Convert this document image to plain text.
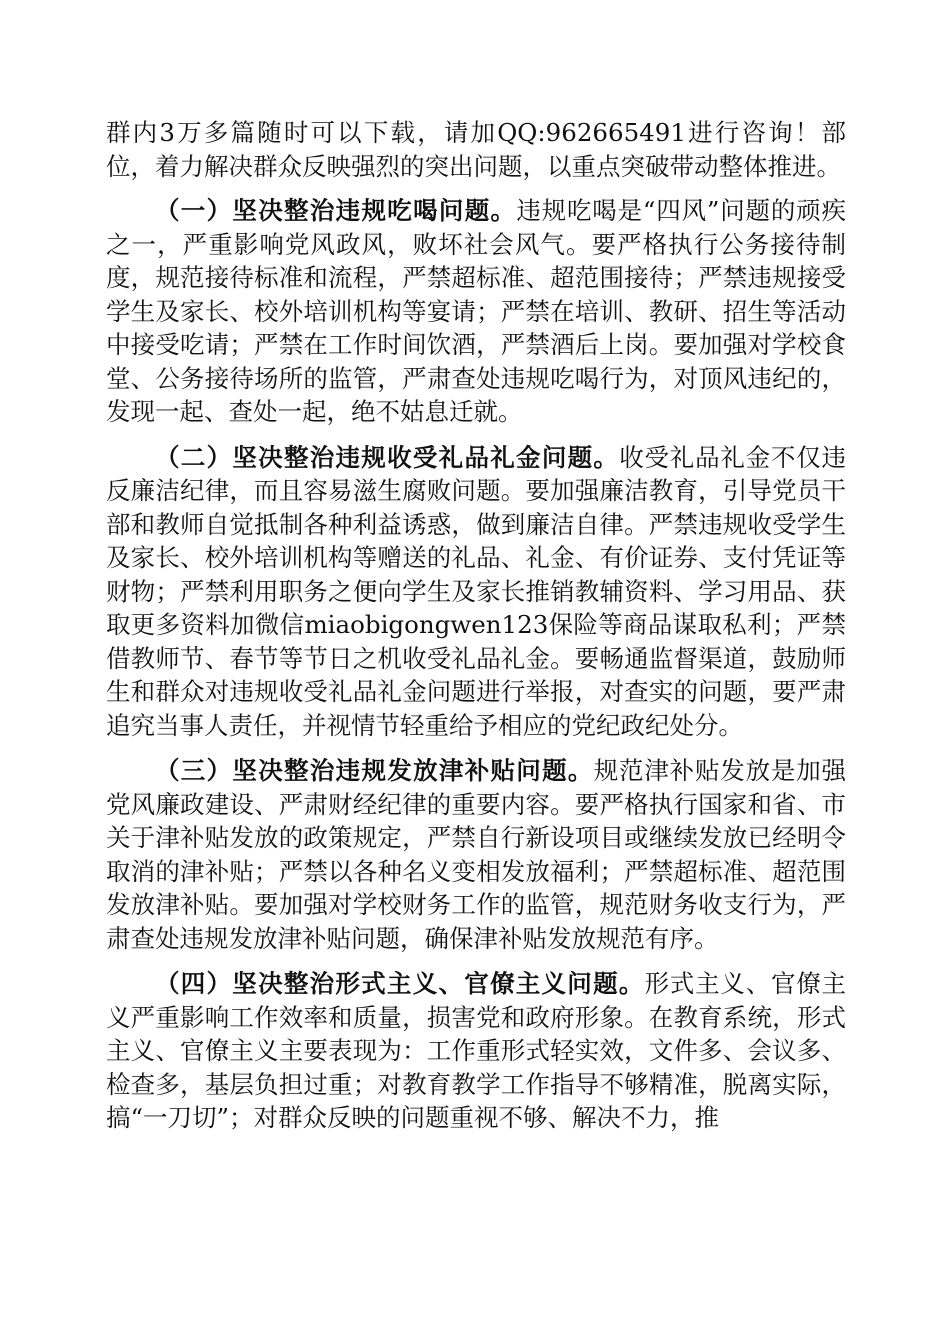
群内3万多篇随时可以下载，请加QQ:962665491进行咨询！部位，着力解决群众反映强烈的突出问题，以重点突破带动整体推进。

（一）坚决整治违规吃喝问题。违规吃喝是“四风”问题的顽疾之一，严重影响党风政风，败坏社会风气。要严格执行公务接待制度，规范接待标准和流程，严禁超标准、超范围接待；严禁违规接受学生及家长、校外培训机构等宴请；严禁在培训、教研、招生等活动中接受吃请；严禁在工作时间饮酒，严禁酒后上岗。要加强对学校食堂、公务接待场所的监管，严肃查处违规吃喝行为，对顶风违纪的，发现一起、查处一起，绝不姑息迁就。

（二）坚决整治违规收受礼品礼金问题。收受礼品礼金不仅违反廉洁纪律，而且容易滋生腐败问题。要加强廉洁教育，引导党员干部和教师自觉抵制各种利益诱惑，做到廉洁自律。严禁违规收受学生及家长、校外培训机构等赠送的礼品、礼金、有价证券、支付凭证等财物；严禁利用职务之便向学生及家长推销教辅资料、学习用品、获取更多资料加微信miaobigongwen123保险等商品谋取私利；严禁借教师节、春节等节日之机收受礼品礼金。要畅通监督渠道，鼓励师生和群众对违规收受礼品礼金问题进行举报，对查实的问题，要严肃追究当事人责任，并视情节轻重给予相应的党纪政纪处分。

（三）坚决整治违规发放津补贴问题。规范津补贴发放是加强党风廉政建设、严肃财经纪律的重要内容。要严格执行国家和省、市关于津补贴发放的政策规定，严禁自行新设项目或继续发放已经明令取消的津补贴；严禁以各种名义变相发放福利；严禁超标准、超范围发放津补贴。要加强对学校财务工作的监管，规范财务收支行为，严肃查处违规发放津补贴问题，确保津补贴发放规范有序。

（四）坚决整治形式主义、官僚主义问题。形式主义、官僚主义严重影响工作效率和质量，损害党和政府形象。在教育系统，形式主义、官僚主义主要表现为：工作重形式轻实效，文件多、会议多、检查多，基层负担过重；对教育教学工作指导不够精准，脱离实际，搞“一刀切”；对群众反映的问题重视不够、解决不力，推
